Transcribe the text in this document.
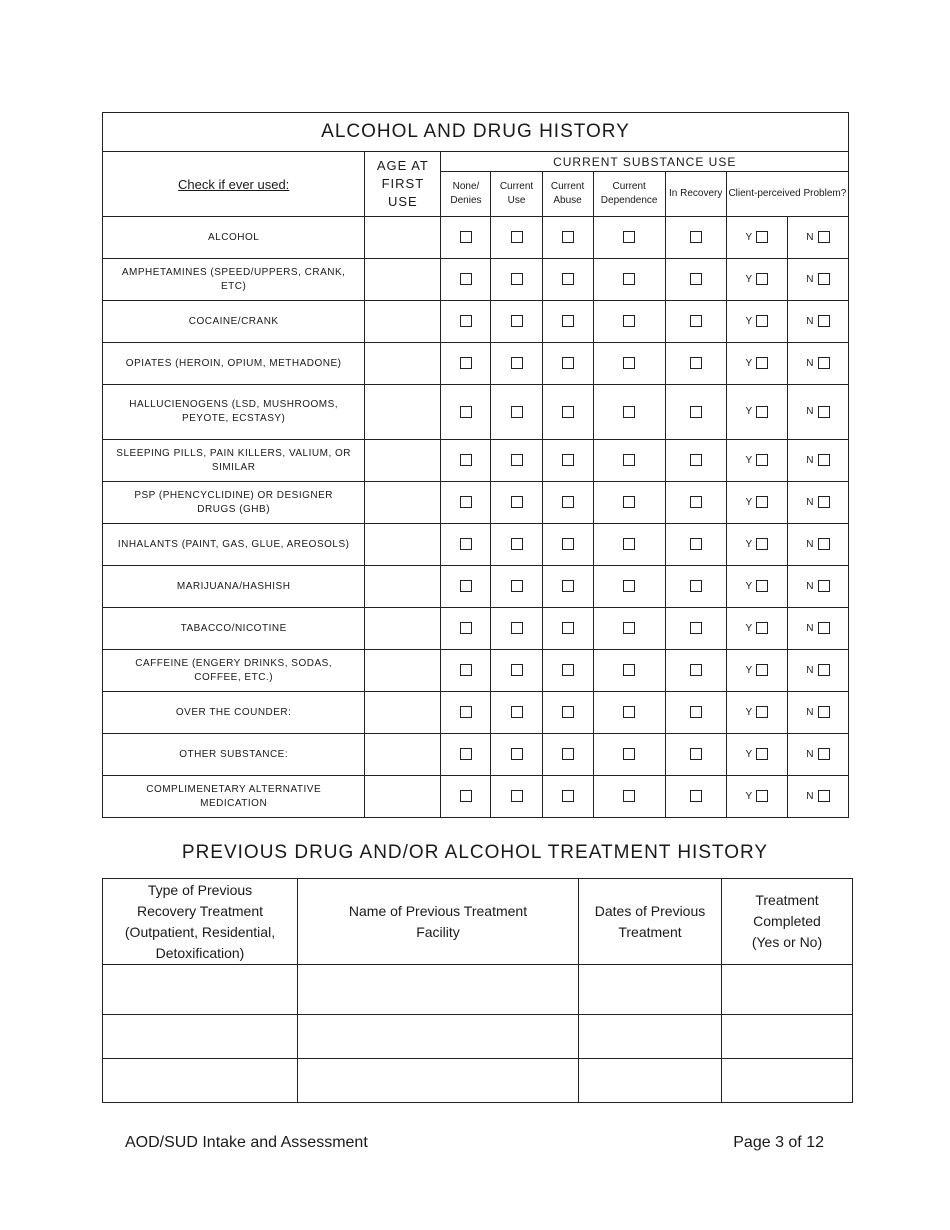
ALCOHOL AND DRUG HISTORY								
Check if ever used:	AGE AT FIRST USE	CURRENT SUBSTANCE USE						
		None/ Denies	Current Use	Current Abuse	Current Dependence	In Recovery	Client-perceived Problem?	
ALCOHOL							Y	N
AMPHETAMINES (SPEED/UPPERS, CRANK, ETC)							Y	N
COCAINE/CRANK							Y	N
OPIATES (HEROIN, OPIUM, METHADONE)							Y	N
HALLUCIENOGENS (LSD, MUSHROOMS, PEYOTE, ECSTASY)							Y	N
SLEEPING PILLS, PAIN KILLERS, VALIUM, OR SIMILAR							Y	N
PSP (PHENCYCLIDINE) OR DESIGNER DRUGS (GHB)							Y	N
INHALANTS (PAINT, GAS, GLUE, AREOSOLS)							Y	N
MARIJUANA/HASHISH							Y	N
TABACCO/NICOTINE							Y	N
CAFFEINE (ENGERY DRINKS, SODAS, COFFEE, ETC.)							Y	N
OVER THE COUNDER:							Y	N
OTHER SUBSTANCE:							Y	N
COMPLIMENETARY ALTERNATIVE MEDICATION							Y	N
PREVIOUS DRUG AND/OR ALCOHOL TREATMENT HISTORY
Type of Previous Recovery Treatment (Outpatient, Residential, Detoxification)	Name of Previous Treatment Facility	Dates of Previous Treatment	Treatment Completed (Yes or No)

AOD/SUD Intake and Assessment	Page 3 of 12
